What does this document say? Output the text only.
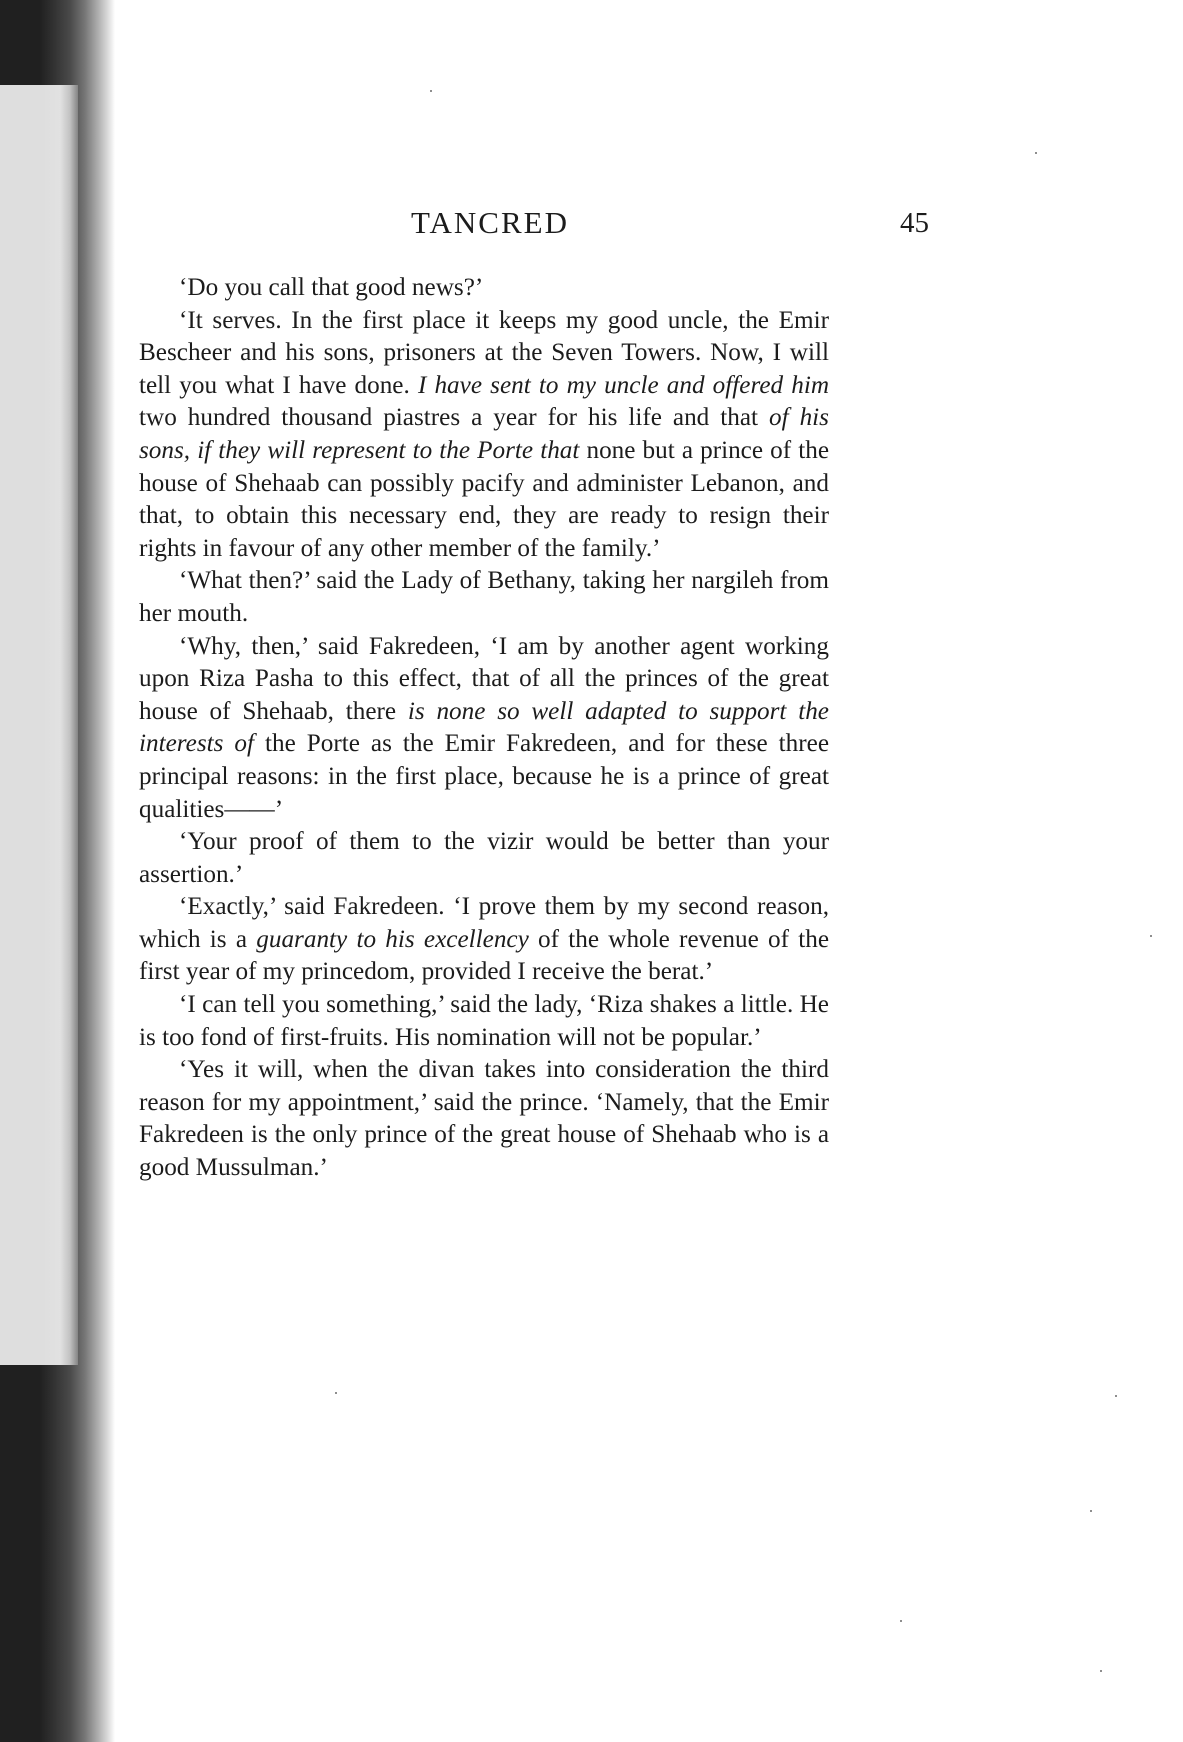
TANCRED	45

‘Do you call that good news?’

‘It serves. In the first place it keeps my good uncle, the Emir Bescheer and his sons, prisoners at the Seven Towers. Now, I will tell you what I have done. I have sent to my uncle and offered him two hundred thousand piastres a year for his life and that of his sons, if they will represent to the Porte that none but a prince of the house of Shehaab can possibly pacify and administer Lebanon, and that, to obtain this necessary end, they are ready to resign their rights in favour of any other member of the family.’

‘What then?’ said the Lady of Bethany, taking her nargileh from her mouth.

‘Why, then,’ said Fakredeen, ‘I am by another agent working upon Riza Pasha to this effect, that of all the princes of the great house of Shehaab, there is none so well adapted to support the interests of the Porte as the Emir Fakredeen, and for these three principal reasons: in the first place, because he is a prince of great qualities——’

‘Your proof of them to the vizir would be better than your assertion.’

‘Exactly,’ said Fakredeen. ‘I prove them by my second reason, which is a guaranty to his excellency of the whole revenue of the first year of my princedom, provided I receive the berat.’

‘I can tell you something,’ said the lady, ‘Riza shakes a little. He is too fond of first-fruits. His nomination will not be popular.’

‘Yes it will, when the divan takes into consideration the third reason for my appointment,’ said the prince. ‘Namely, that the Emir Fakredeen is the only prince of the great house of Shehaab who is a good Mussulman.’
